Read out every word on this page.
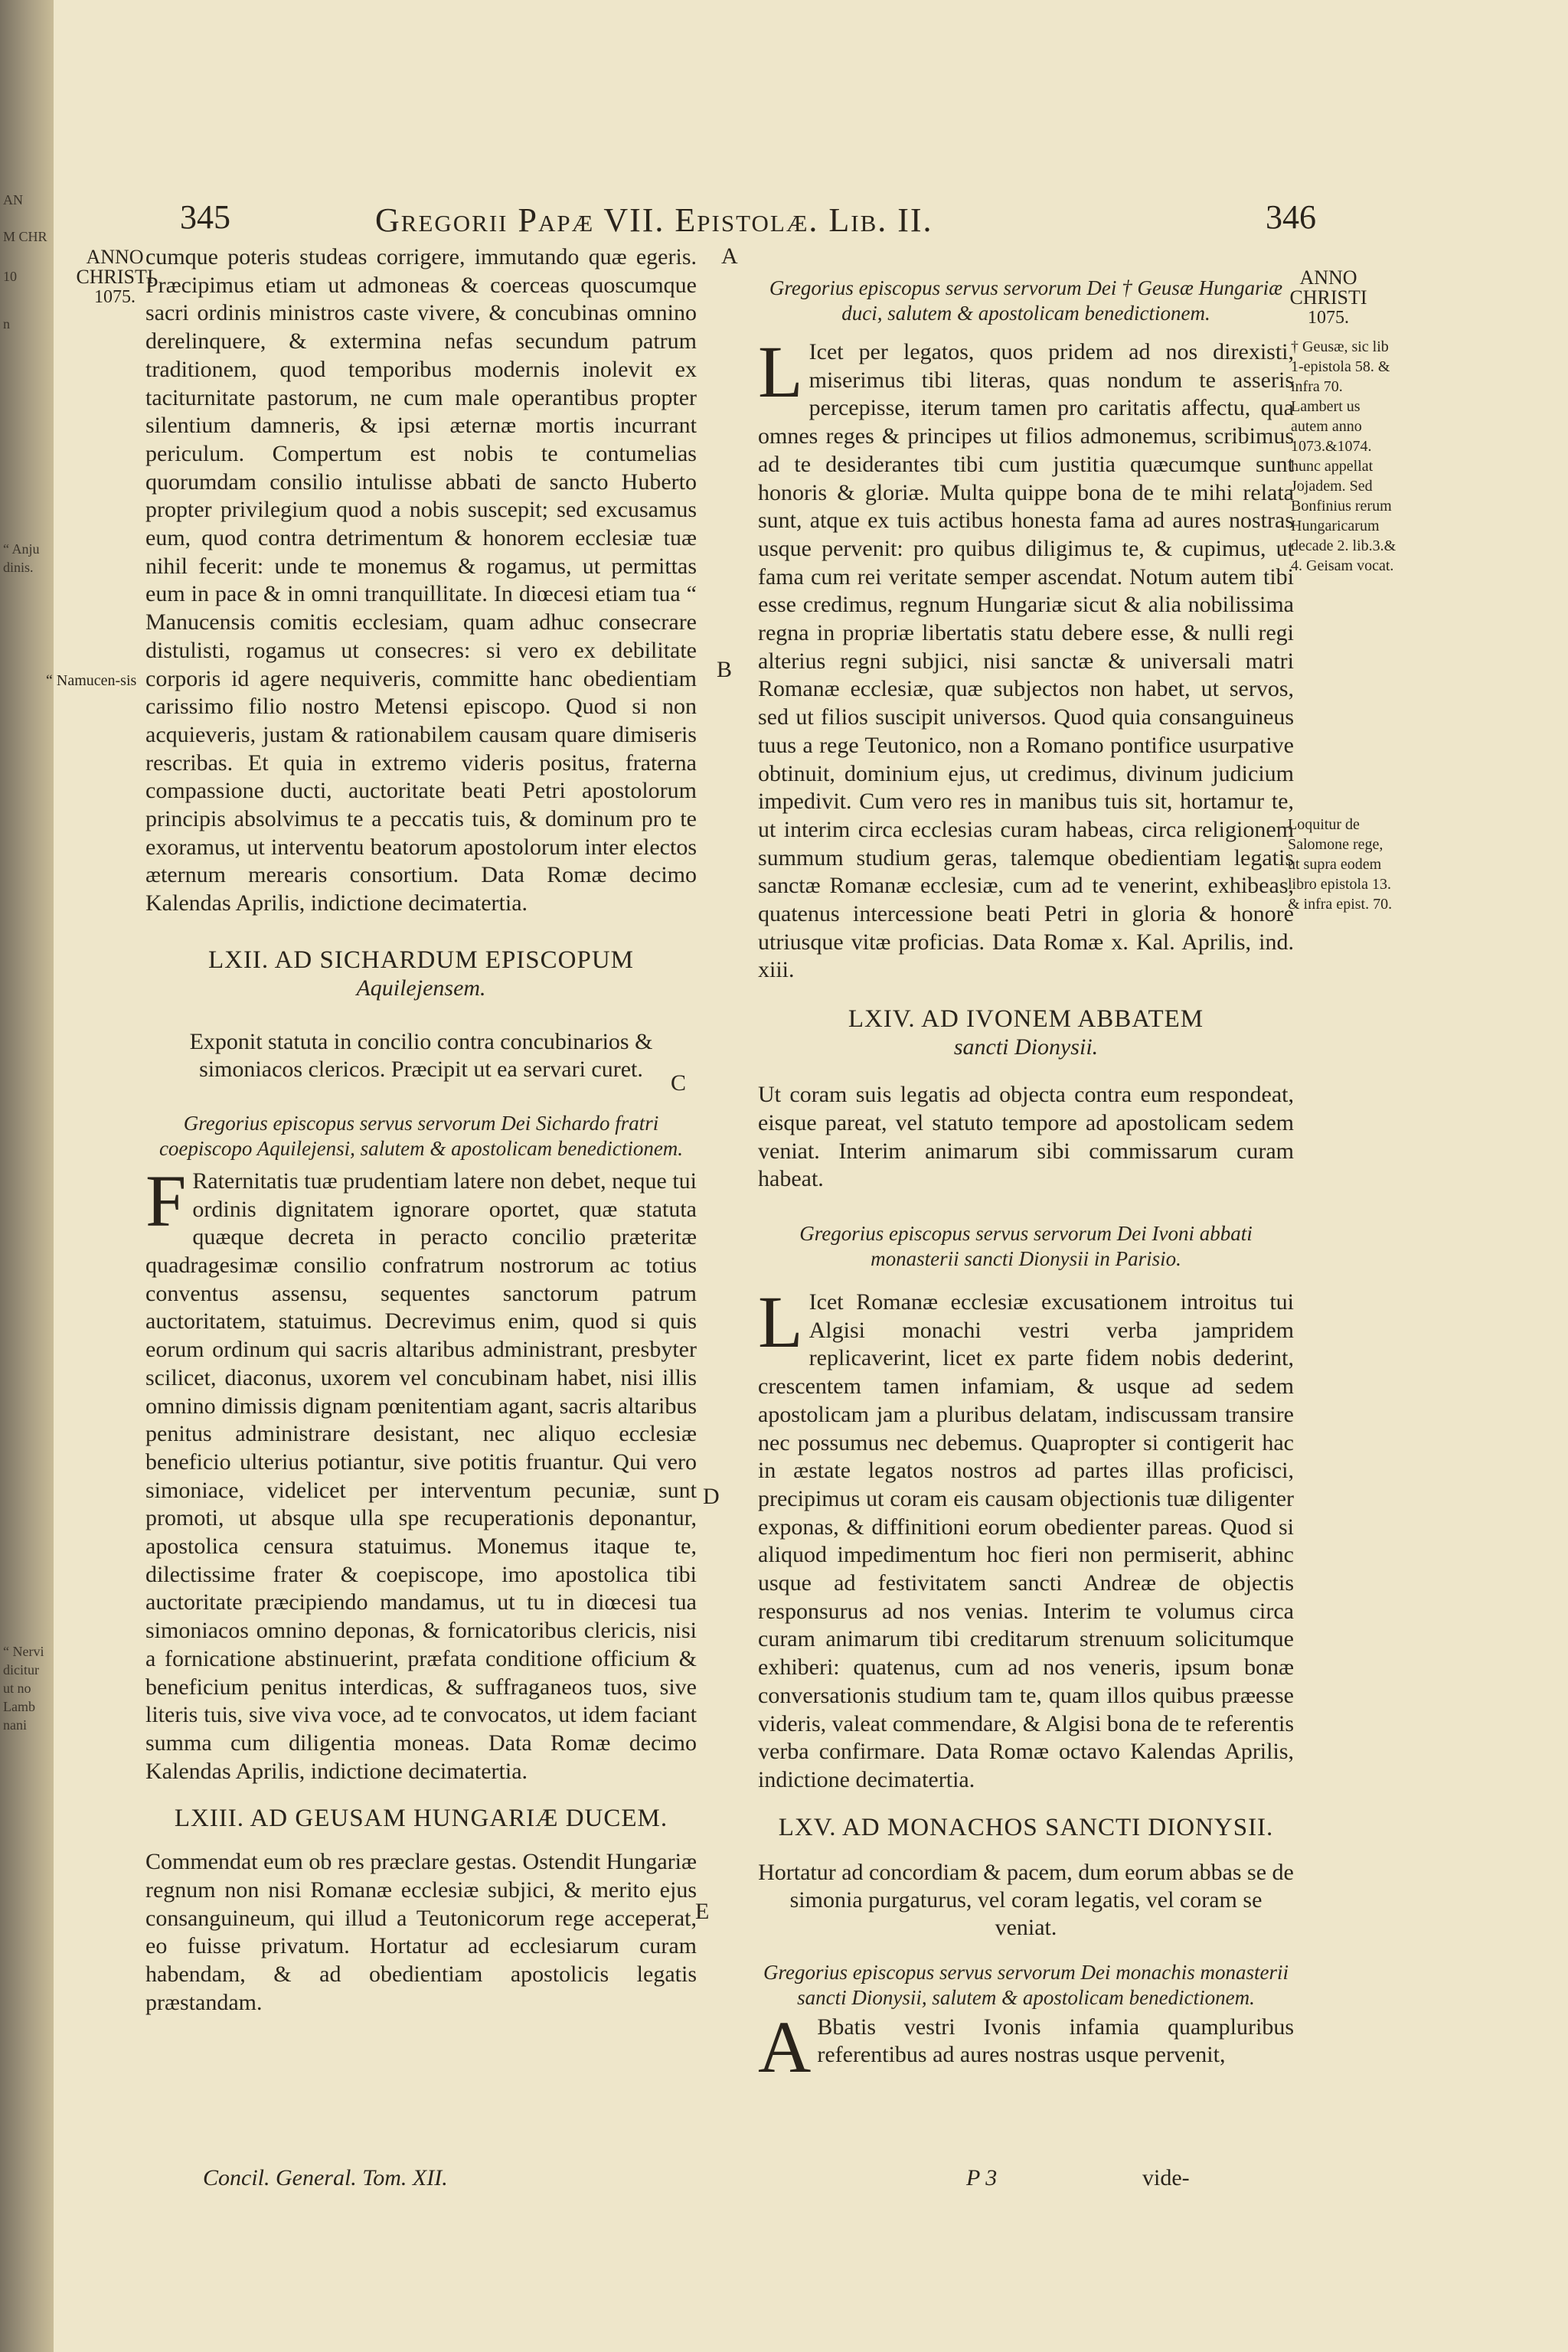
AN
M CHR
10
n
“ Anju
dinis.
“ Nervi
dicitur
ut no
Lamb
nani
345	Gregorii Papæ VII. Epistolæ. Lib. II.	346
ANNO
CHRISTI
1075.
“ Namucen-sis
ANNO
CHRISTI
1075.
† Geusæ, sic lib 1-epistola 58. & infra 70. Lambert us autem anno 1073.&1074. hunc appellat Jojadem. Sed Bonfinius rerum Hungaricarum decade 2. lib.3.& 4. Geisam vocat.
Loquitur de Salomone rege, ut supra eodem libro epistola 13. & infra epist. 70.
A
B
C
D
E

cumque poteris studeas corrigere, immutando quæ egeris. Præcipimus etiam ut admoneas & coerceas quoscumque sacri ordinis ministros caste vivere, & concubinas omnino derelinquere, & extermina nefas secundum patrum traditionem, quod temporibus modernis inolevit ex taciturnitate pastorum, ne cum male operantibus propter silentium damneris, & ipsi æternæ mortis incurrant periculum. Compertum est nobis te contumelias quorumdam consilio intulisse abbati de sancto Huberto propter privilegium quod a nobis suscepit; sed excusamus eum, quod contra detrimentum & honorem ecclesiæ tuæ nihil fecerit: unde te monemus & rogamus, ut permittas eum in pace & in omni tranquillitate. In diœcesi etiam tua “ Manucensis comitis ecclesiam, quam adhuc consecrare distulisti, rogamus ut consecres: si vero ex debilitate corporis id agere nequiveris, committe hanc obedientiam carissimo filio nostro Metensi episcopo. Quod si non acquieveris, justam & rationabilem causam quare dimiseris rescribas. Et quia in extremo videris positus, fraterna compassione ducti, auctoritate beati Petri apostolorum principis absolvimus te a peccatis tuis, & dominum pro te exoramus, ut interventu beatorum apostolorum inter electos æternum merearis consortium. Data Romæ decimo Kalendas Aprilis, indictione decimatertia.

LXII. AD SICHARDUM EPISCOPUM
Aquilejensem.
Exponit statuta in concilio contra concubinarios & simoniacos clericos. Præcipit ut ea servari curet.
Gregorius episcopus servus servorum Dei Sichardo fratri coepiscopo Aquilejensi, salutem & apostolicam benedictionem.

F Raternitatis tuæ prudentiam latere non debet, neque tui ordinis dignitatem ignorare oportet, quæ statuta quæque decreta in peracto concilio præteritæ quadragesimæ consilio confratrum nostrorum ac totius conventus assensu, sequentes sanctorum patrum auctoritatem, statuimus. Decrevimus enim, quod si quis eorum ordinum qui sacris altaribus administrant, presbyter scilicet, diaconus, uxorem vel concubinam habet, nisi illis omnino dimissis dignam pœnitentiam agant, sacris altaribus penitus administrare desistant, nec aliquo ecclesiæ beneficio ulterius potiantur, sive potitis fruantur. Qui vero simoniace, videlicet per interventum pecuniæ, sunt promoti, ut absque ulla spe recuperationis deponantur, apostolica censura statuimus. Monemus itaque te, dilectissime frater & coepiscope, imo apostolica tibi auctoritate præcipiendo mandamus, ut tu in diœcesi tua simoniacos omnino deponas, & fornicatoribus clericis, nisi a fornicatione abstinuerint, præfata conditione officium & beneficium penitus interdicas, & suffraganeos tuos, sive literis tuis, sive viva voce, ad te convocatos, ut idem faciant summa cum diligentia moneas. Data Romæ decimo Kalendas Aprilis, indictione decimatertia.

LXIII. AD GEUSAM HUNGARIÆ DUCEM.
Commendat eum ob res præclare gestas. Ostendit Hungariæ regnum non nisi Romanæ ecclesiæ subjici, & merito ejus consanguineum, qui illud a Teutonicorum rege acceperat, eo fuisse privatum. Hortatur ad ecclesiarum curam habendam, & ad obedientiam apostolicis legatis præstandam.
Concil. General. Tom. XII.
Gregorius episcopus servus servorum Dei † Geusæ Hungariæ duci, salutem & apostolicam benedictionem.

L Icet per legatos, quos pridem ad nos direxisti, miserimus tibi literas, quas nondum te asseris percepisse, iterum tamen pro caritatis affectu, qua omnes reges & principes ut filios admonemus, scribimus ad te desiderantes tibi cum justitia quæcumque sunt honoris & gloriæ. Multa quippe bona de te mihi relata sunt, atque ex tuis actibus honesta fama ad aures nostras usque pervenit: pro quibus diligimus te, & cupimus, ut fama cum rei veritate semper ascendat. Notum autem tibi esse credimus, regnum Hungariæ sicut & alia nobilissima regna in propriæ libertatis statu debere esse, & nulli regi alterius regni subjici, nisi sanctæ & universali matri Romanæ ecclesiæ, quæ subjectos non habet, ut servos, sed ut filios suscipit universos. Quod quia consanguineus tuus a rege Teutonico, non a Romano pontifice usurpative obtinuit, dominium ejus, ut credimus, divinum judicium impedivit. Cum vero res in manibus tuis sit, hortamur te, ut interim circa ecclesias curam habeas, circa religionem summum studium geras, talemque obedientiam legatis sanctæ Romanæ ecclesiæ, cum ad te venerint, exhibeas, quatenus intercessione beati Petri in gloria & honore utriusque vitæ proficias. Data Romæ x. Kal. Aprilis, ind. xiii.

LXIV. AD IVONEM ABBATEM
sancti Dionysii.
Ut coram suis legatis ad objecta contra eum respondeat, eisque pareat, vel statuto tempore ad apostolicam sedem veniat. Interim animarum sibi commissarum curam habeat.
Gregorius episcopus servus servorum Dei Ivoni abbati monasterii sancti Dionysii in Parisio.

L Icet Romanæ ecclesiæ excusationem introitus tui Algisi monachi vestri verba jampridem replicaverint, licet ex parte fidem nobis dederint, crescentem tamen infamiam, & usque ad sedem apostolicam jam a pluribus delatam, indiscussam transire nec possumus nec debemus. Quapropter si contigerit hac in æstate legatos nostros ad partes illas proficisci, precipimus ut coram eis causam objectionis tuæ diligenter exponas, & diffinitioni eorum obedienter pareas. Quod si aliquod impedimentum hoc fieri non permiserit, abhinc usque ad festivitatem sancti Andreæ de objectis responsurus ad nos venias. Interim te volumus circa curam animarum tibi creditarum strenuum solicitumque exhiberi: quatenus, cum ad nos veneris, ipsum bonæ conversationis studium tam te, quam illos quibus præesse videris, valeat commendare, & Algisi bona de te referentis verba confirmare. Data Romæ octavo Kalendas Aprilis, indictione decimatertia.

LXV. AD MONACHOS SANCTI DIONYSII.
Hortatur ad concordiam & pacem, dum eorum abbas se de simonia purgaturus, vel coram legatis, vel coram se veniat.
Gregorius episcopus servus servorum Dei monachis monasterii sancti Dionysii, salutem & apostolicam benedictionem.

A Bbatis vestri Ivonis infamia quampluribus referentibus ad aures nostras usque pervenit,

P 3	vide-
